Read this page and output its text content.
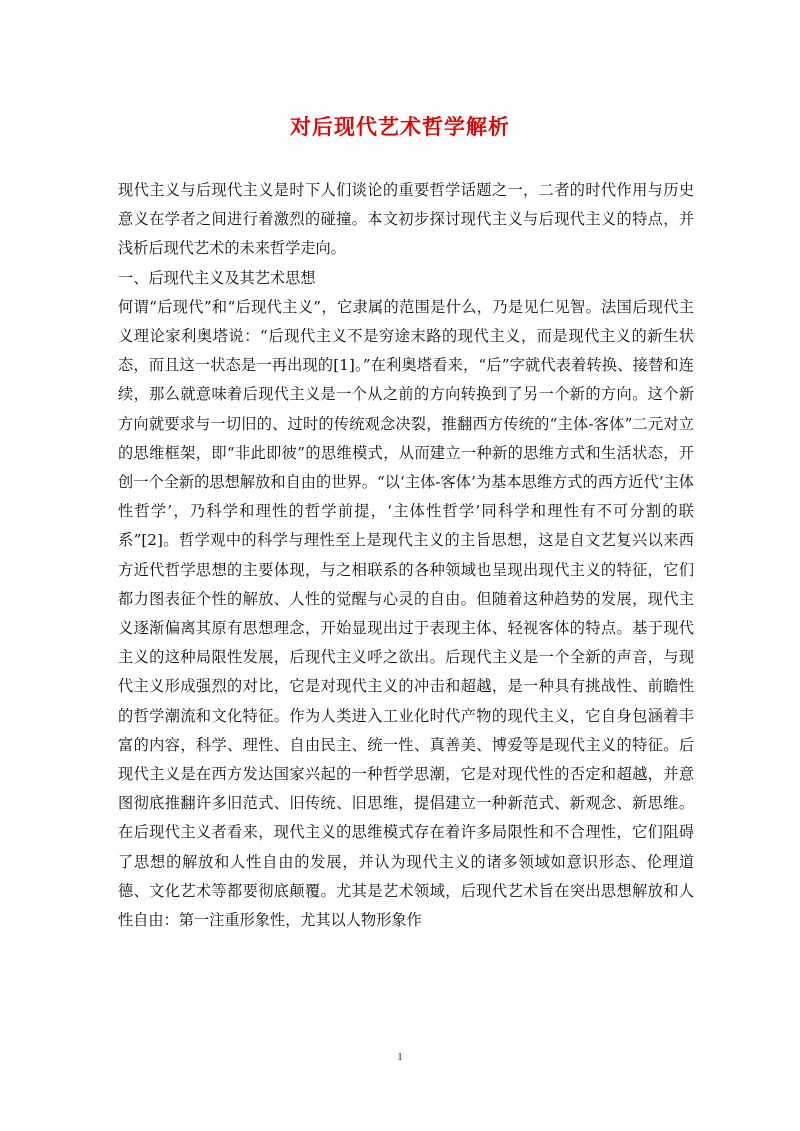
对后现代艺术哲学解析

现代主义与后现代主义是时下人们谈论的重要哲学话题之一，二者的时代作用与历史意义在学者之间进行着激烈的碰撞。本文初步探讨现代主义与后现代主义的特点，并浅析后现代艺术的未来哲学走向。

一、后现代主义及其艺术思想

何谓“后现代”和“后现代主义”，它隶属的范围是什么，乃是见仁见智。法国后现代主义理论家利奥塔说：“后现代主义不是穷途末路的现代主义，而是现代主义的新生状态，而且这一状态是一再出现的[1]。”在利奥塔看来，“后”字就代表着转换、接替和连续，那么就意味着后现代主义是一个从之前的方向转换到了另一个新的方向。这个新方向就要求与一切旧的、过时的传统观念决裂，推翻西方传统的“主体-客体”二元对立的思维框架，即“非此即彼”的思维模式，从而建立一种新的思维方式和生活状态，开创一个全新的思想解放和自由的世界。“以‘主体-客体’为基本思维方式的西方近代‘主体性哲学’，乃科学和理性的哲学前提，‘主体性哲学’同科学和理性有不可分割的联系”[2]。哲学观中的科学与理性至上是现代主义的主旨思想，这是自文艺复兴以来西方近代哲学思想的主要体现，与之相联系的各种领域也呈现出现代主义的特征，它们都力图表征个性的解放、人性的觉醒与心灵的自由。但随着这种趋势的发展，现代主义逐渐偏离其原有思想理念，开始显现出过于表现主体、轻视客体的特点。基于现代主义的这种局限性发展，后现代主义呼之欲出。后现代主义是一个全新的声音，与现代主义形成强烈的对比，它是对现代主义的冲击和超越，是一种具有挑战性、前瞻性的哲学潮流和文化特征。作为人类进入工业化时代产物的现代主义，它自身包涵着丰富的内容，科学、理性、自由民主、统一性、真善美、博爱等是现代主义的特征。后现代主义是在西方发达国家兴起的一种哲学思潮，它是对现代性的否定和超越，并意图彻底推翻许多旧范式、旧传统、旧思维，提倡建立一种新范式、新观念、新思维。在后现代主义者看来，现代主义的思维模式存在着许多局限性和不合理性，它们阻碍了思想的解放和人性自由的发展，并认为现代主义的诸多领域如意识形态、伦理道德、文化艺术等都要彻底颠覆。尤其是艺术领域，后现代艺术旨在突出思想解放和人性自由：第一注重形象性，尤其以人物形象作

1
